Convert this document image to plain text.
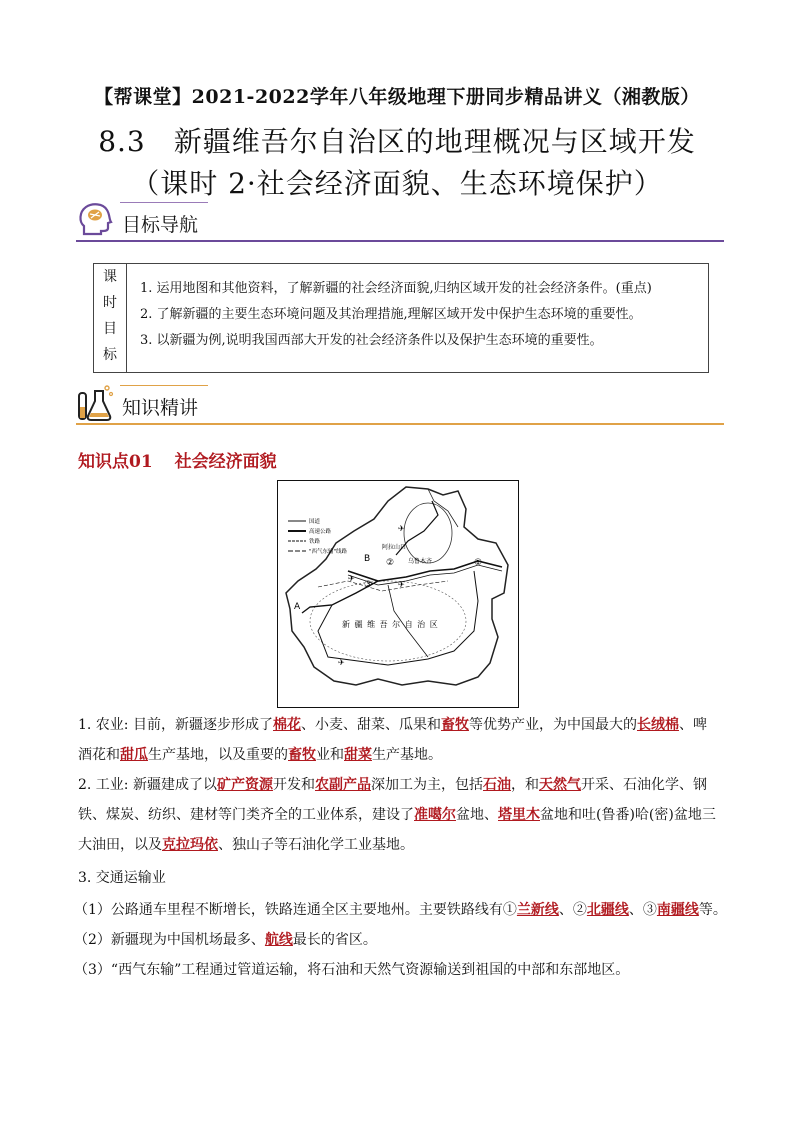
【帮课堂】2021-2022学年八年级地理下册同步精品讲义（湘教版）
8.3 新疆维吾尔自治区的地理概况与区域开发
（课时 2·社会经济面貌、生态环境保护）
目标导航
课
时
目
标
1. 运用地图和其他资料，了解新疆的社会经济面貌,归纳区域开发的社会经济条件。(重点)
2. 了解新疆的主要生态环境问题及其治理措施,理解区域开发中保护生态环境的重要性。
3. 以新疆为例,说明我国西部大开发的社会经济条件以及保护生态环境的重要性。
知识精讲
知识点01 社会经济面貌
国道
高速公路
铁路
"西气东输"线路
阿拉山口
乌鲁木齐
新 疆 维 吾 尔 自 治 区
A
B	①
②
③
✈
✈
✈
✈
1. 农业: 目前，新疆逐步形成了棉花、小麦、甜菜、瓜果和畜牧等优势产业，为中国最大的长绒棉、啤酒花和甜瓜生产基地，以及重要的畜牧业和甜菜生产基地。
2. 工业: 新疆建成了以矿产资源开发和农副产品深加工为主，包括石油，和天然气开采、石油化学、钢铁、煤炭、纺织、建材等门类齐全的工业体系，建设了准噶尔盆地、塔里木盆地和吐(鲁番)哈(密)盆地三大油田，以及克拉玛依、独山子等石油化学工业基地。
3. 交通运输业
（1）公路通车里程不断增长，铁路连通全区主要地州。主要铁路线有①兰新线、②北疆线、③南疆线等。
（2）新疆现为中国机场最多、航线最长的省区。
（3）“西气东输”工程通过管道运输，将石油和天然气资源输送到祖国的中部和东部地区。
